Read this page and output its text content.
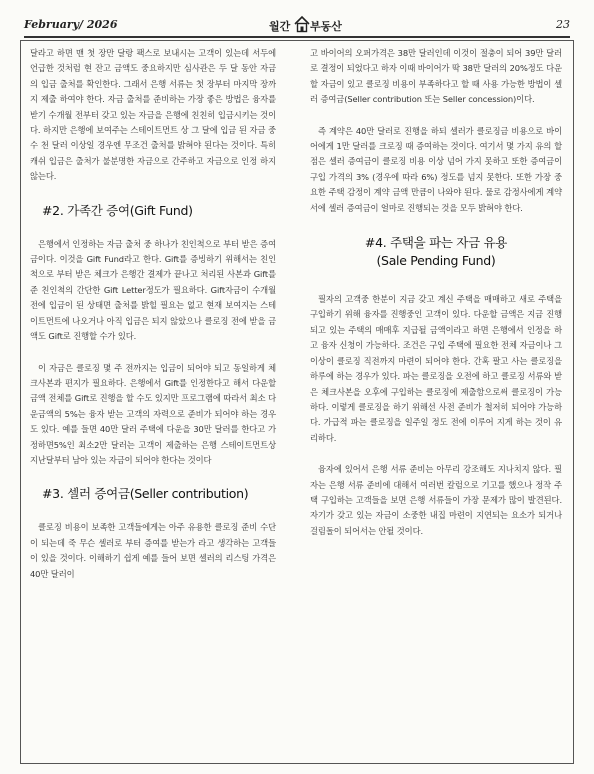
February/ 2026	월간 부동산	23

달라고 하면 맨 첫 장만 달랑 팩스로 보내시는 고객이 있는데 서두에 언급한 것처럼 현 잔고 금액도 중요하지만 심사관은 두 달 동안 자금의 입금 출처를 확인한다. 그래서 은행 서류는 첫 장부터 마지막 장까지 제출 하여야 한다. 자금 출처를 준비하는 가장 좋은 방법은 융자를 받기 수개월 전부터 갖고 있는 자금을 은행에 친친히 입금시키는 것이다. 하지만 은행에 보여주는 스테이트먼트 상 그 달에 입금 된 자금 중 수 천 달러 이상일 경우엔 무조건 출처를 밝혀야 된다는 것이다. 특히 캐쉬 입금은 출처가 불분명한 자금으로 간주하고 자금으로 인정 하지 않는다.

#2. 가족간 증여(Gift Fund)

은행에서 인정하는 자금 출처 중 하나가 친인척으로 부터 받은 증여금이다. 이것을 Gift Fund라고 한다. Gift를 증빙하기 위해서는 친인척으로 부터 받은 체크가 은행간 결제가 끝나고 처리된 사본과 Gift를 준 친인척의 간단한 Gift Letter정도가 필요하다. Gift자금이 수개월 전에 입금이 된 상태면 출처를 밝힐 필요는 없고 현재 보여지는 스테이트먼트에 나오거나 아직 입금은 되지 않았으나 클로징 전에 받을 금액도 Gift로 진행할 수가 있다.

이 자금은 클로징 몇 주 전까지는 입금이 되어야 되고 동일하게 체크사본과 편지가 필요하다. 은행에서 Gift를 인정한다고 해서 다운할 금액 전체를 Gift로 진행을 할 수도 있지만 프로그램에 따라서 최소 다운금액의 5%는 융자 받는 고객의 자력으로 준비가 되어야 하는 경우도 있다. 예를 들면 40만 달러 주택에 다운을 30만 달러를 한다고 가정하면5%인 최소2만 달러는 고객이 제출하는 은행 스테이트먼트상 지난달부터 남아 있는 자금이 되어야 한다는 것이다

#3. 셀러 증여금(Seller contribution)

클로징 비용이 보족한 고객들에게는 아주 유용한 클로징 준비 수단이 되는데 죽 무슨 셀러로 부터 증여를 받는가 라고 생각하는 고객들이 있을 것이다. 이해하기 쉽게 예를 들어 보면 셀러의 리스팅 가격은 40만 달러이

고 바이어의 오퍼가격은 38만 달러인데 이것이 절충이 되어 39만 달러로 결정이 되었다고 하자 이때 바이어가 딱 38만 달러의 20%정도 다운할 자금이 있고 클로징 비용이 부족하다고 할 때 사용 가능한 방법이 셀러 증여금(Seller contribution 또는 Seller concession)이다.

즉 계약은 40만 달러로 진행을 하되 셀러가 클로징금 비용으로 바이어에게 1만 달러를 크로징 때 증여하는 것이다. 여기서 몇 가지 유의 할 점은 셀러 증여금이 클로징 비용 이상 넘어 가지 못하고 또한 증여금이 구입 가격의 3% (경우에 따라 6%) 정도를 넘지 못한다. 또한 가장 중요한 주택 감정이 계약 금액 만큼이 나와야 된다. 물로 감정사에게 계약서에 셀러 증여금이 얼마로 진행되는 것을 모두 밝혀야 한다.

#4. 주택을 파는 자금 유용
(Sale Pending Fund)

필자의 고객중 한분이 지금 갖고 계신 주택을 매매하고 새로 주택을 구입하기 위해 융자를 진행중인 고객이 있다. 다운할 금액은 지금 진행되고 있는 주택의 매매후 지급될 금액이라고 하면 은행에서 인정을 하고 융자 신청이 가능하다. 조건은 구입 주택에 필요한 전체 자금이나 그 이상이 클로징 직전까지 마련이 되어야 한다. 간혹 팔고 사는 클로징을 하루에 하는 경우가 있다. 파는 클로징을 오전에 하고 클로징 서류와 받은 체크사본을 오후에 구입하는 클로징에 제출함으로써 클로징이 가능하다. 이렇게 클로징을 하기 위해선 사전 준비가 철저히 되어야 가능하다. 가급적 파는 클로징을 일주일 정도 전에 이루어 지게 하는 것이 유리하다.

융자에 있어서 은행 서류 준비는 아무리 강조해도 지나치지 않다. 필자는 은행 서류 준비에 대해서 여러번 칼럼으로 기고를 했으나 정작 주택 구입하는 고객들을 보면 은행 서류들이 가장 문제가 많이 발견된다. 자기가 갖고 있는 자금이 소중한 내집 마련이 지연되는 요소가 되거나 걸림돌이 되어서는 안될 것이다.
